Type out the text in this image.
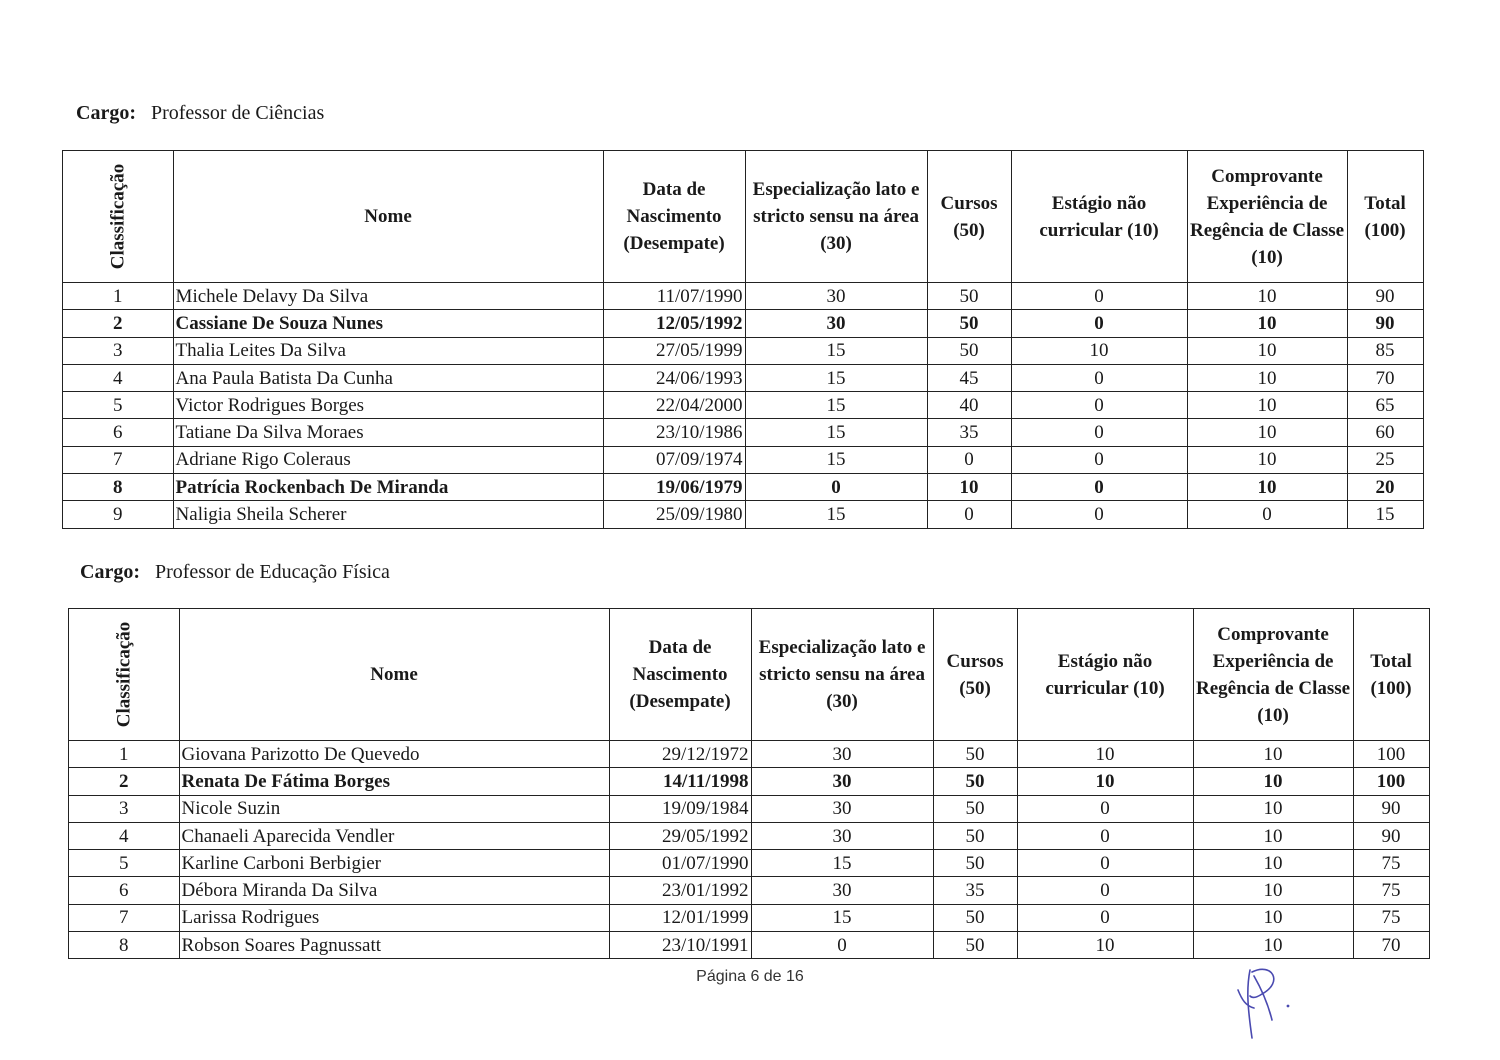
Cargo: Professor de Ciências
Classificação	Nome	Data de Nascimento (Desempate)	Especialização lato e stricto sensu na área (30)	Cursos (50)	Estágio não curricular (10)	Comprovante Experiência de Regência de Classe (10)	Total (100)
1	Michele Delavy Da Silva	11/07/1990	30	50	0	10	90
2	Cassiane De Souza Nunes	12/05/1992	30	50	0	10	90
3	Thalia Leites Da Silva	27/05/1999	15	50	10	10	85
4	Ana Paula Batista Da Cunha	24/06/1993	15	45	0	10	70
5	Victor Rodrigues Borges	22/04/2000	15	40	0	10	65
6	Tatiane Da Silva Moraes	23/10/1986	15	35	0	10	60
7	Adriane Rigo Coleraus	07/09/1974	15	0	0	10	25
8	Patrícia Rockenbach De Miranda	19/06/1979	0	10	0	10	20
9	Naligia Sheila Scherer	25/09/1980	15	0	0	0	15
Cargo: Professor de Educação Física
Classificação	Nome	Data de Nascimento (Desempate)	Especialização lato e stricto sensu na área (30)	Cursos (50)	Estágio não curricular (10)	Comprovante Experiência de Regência de Classe (10)	Total (100)
1	Giovana Parizotto De Quevedo	29/12/1972	30	50	10	10	100
2	Renata De Fátima Borges	14/11/1998	30	50	10	10	100
3	Nicole Suzin	19/09/1984	30	50	0	10	90
4	Chanaeli Aparecida Vendler	29/05/1992	30	50	0	10	90
5	Karline Carboni Berbigier	01/07/1990	15	50	0	10	75
6	Débora Miranda Da Silva	23/01/1992	30	35	0	10	75
7	Larissa Rodrigues	12/01/1999	15	50	0	10	75
8	Robson Soares Pagnussatt	23/10/1991	0	50	10	10	70
Página 6 de 16
